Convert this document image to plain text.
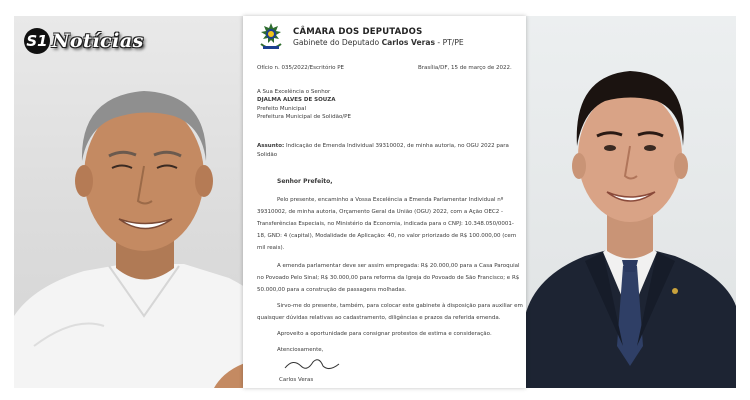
S1 Notícias	CÂMARA DOS DEPUTADOS
Gabinete do Deputado Carlos Veras - PT/PE
Ofício n. 035/2022/Escritório PE	Brasília/DF, 15 de março de 2022.
A Sua Excelência o Senhor
DJALMA ALVES DE SOUZA
Prefeito Municipal
Prefeitura Municipal de Solidão/PE
Assunto: Indicação de Emenda Individual 39310002, de minha autoria, no OGU 2022 para
Solidão
Senhor Prefeito,
Pelo presente, encaminho a Vossa Excelência a Emenda Parlamentar Individual nº
39310002, de minha autoria, Orçamento Geral da União (OGU) 2022, com a Ação OEC2 -
Transferências Especiais, no Ministério da Economia, indicada para o CNPJ: 10.348.050/0001-
18, GND: 4 (capital), Modalidade de Aplicação: 40, no valor priorizado de R$ 100.000,00 (cem
mil reais).
A emenda parlamentar deve ser assim empregada: R$ 20.000,00 para a Casa Paroquial
no Povoado Pelo Sinal; R$ 30.000,00 para reforma da Igreja do Povoado de São Francisco; e R$
50.000,00 para a construção de passagens molhadas.
Sirvo-me do presente, também, para colocar este gabinete à disposição para auxiliar em
quaisquer dúvidas relativas ao cadastramento, diligências e prazos da referida emenda.
Aproveito a oportunidade para consignar protestos de estima e consideração.
Atenciosamente,
Carlos Veras
